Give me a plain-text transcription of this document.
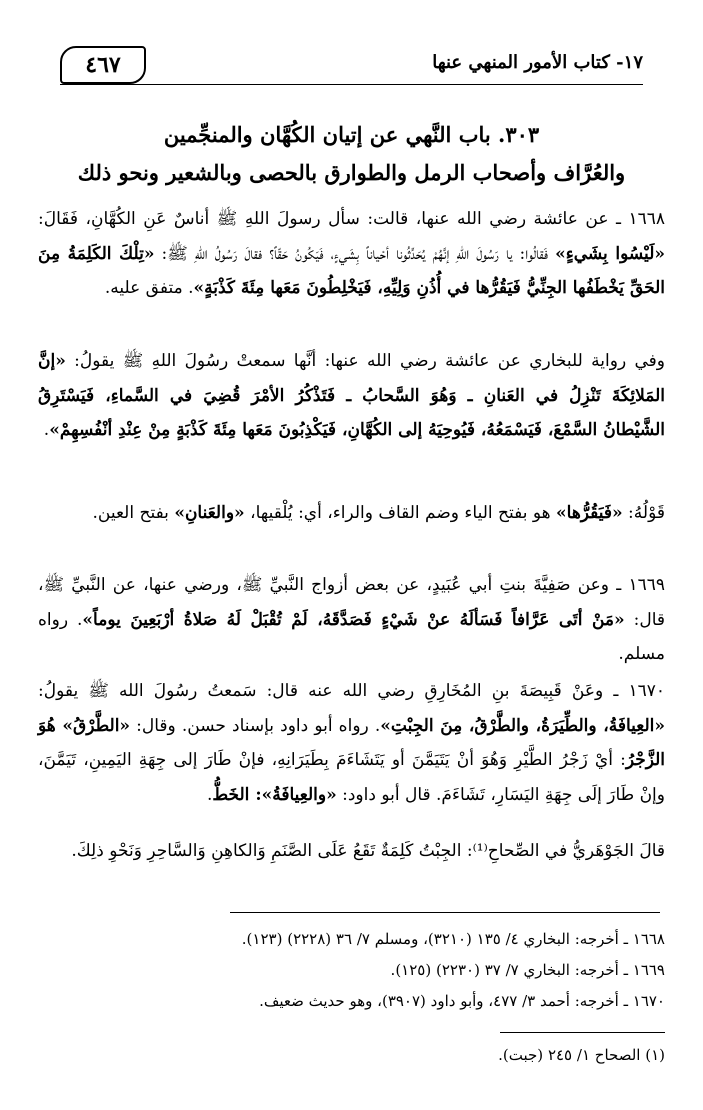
٤٦٧	١٧- كتاب الأمور المنهي عنها
٣٠٣. باب النَّهي عن إتيان الكُهَّان والمنجِّمين
والعُرَّاف وأصحاب الرمل والطوارق بالحصى وبالشعير ونحو ذلك
١٦٦٨ ـ عن عائشة رضي الله عنها، قالت: سأل رسولَ اللهِ ﷺ أناسٌ عَنِ الكُهَّانِ، فَقَالَ: «لَيْسُوا بِشَيءٍ» فَقالُوا: يا رَسُولَ اللهِ إنَّهُمْ يُحَدِّثُونا أحْياناً بِشَيءٍ، فَيَكُونُ حَقّاً؟ فقالَ رَسُولُ اللهِ ﷺ: «تِلْكَ الكَلِمَةُ مِنَ الحَقِّ يَخْطَفُها الجِنِّيُّ فَيَقُرُّها في أُذُنِ وَلِيِّهِ، فَيَخْلِطُونَ مَعَها مِئَةَ كَذْبَةٍ». متفق عليه.
وفي رواية للبخاري عن عائشة رضي الله عنها: أنَّها سمعتْ رسُولَ اللهِ ﷺ يقولُ: «إنَّ المَلائِكَةَ تَنْزِلُ في العَنانِ ـ وَهُوَ السَّحابُ ـ فَتَذْكُرُ الأمْرَ قُضِيَ في السَّماءِ، فَيَسْتَرِقُ الشَّيْطانُ السَّمْعَ، فَيَسْمَعُهُ، فَيُوحِيَهُ إلى الكُهَّانِ، فَيَكْذِبُونَ مَعَها مِئَةَ كَذْبَةٍ مِنْ عِنْدِ أنْفُسِهِمْ».
قَوْلُهُ: «فَيَقُرُّها» هو بفتح الياء وضم القاف والراء، أي: يُلْقيها، «والعَنانِ» بفتح العين.
١٦٦٩ ـ وعن صَفِيَّةَ بنتِ أبي عُبَيدٍ، عن بعض أزواج النَّبيِّ ﷺ، ورضي عنها، عن النَّبيِّ ﷺ، قال: «مَنْ أتَى عَرَّافاً فَسَألَهُ عنْ شَيْءٍ فَصَدَّقَهُ، لَمْ تُقْبَلْ لَهُ صَلاةُ أرْبَعِينَ يوماً». رواه مسلم.
١٦٧٠ ـ وعَنْ قَبِيصَةَ بنِ المُخَارِقِ رضي الله عنه قال: سَمعتُ رسُولَ الله ﷺ يقولُ: «العِيافَةُ، والطِّيَرَةُ، والطَّرْقُ، مِنَ الجِبْتِ». رواه أبو داود بإسناد حسن. وقال: «الطَّرْقُ» هُوَ الزَّجْرُ: أيْ زَجْرُ الطَّيْرِ وَهُوَ أنْ يَتَيَمَّنَ أو يَتَشَاءَمَ بِطَيَرَانِهِ، فإنْ طَارَ إلى جِهَةِ اليَمِينِ، تَيَمَّنَ، وإنْ طَارَ إلَى جِهَةِ اليَسَارِ، تَشَاءَمَ. قال أبو داود: «والعِيافَةُ»: الخَطُّ.
قالَ الجَوْهَريُّ في الصِّحاحِ⁽¹⁾: الجِبْتُ كَلِمَةٌ تَقَعُ عَلَى الصَّنَمِ وَالكاهِنِ وَالسَّاحِرِ وَنَحْوِ ذلِكَ.
١٦٦٨ ـ أخرجه: البخاري ٤/ ١٣٥ (٣٢١٠)، ومسلم ٧/ ٣٦ (٢٢٢٨) (١٢٣).
١٦٦٩ ـ أخرجه: البخاري ٧/ ٣٧ (٢٢٣٠) (١٢٥).
١٦٧٠ ـ أخرجه: أحمد ٣/ ٤٧٧، وأبو داود (٣٩٠٧)، وهو حديث ضعيف.
(١) الصحاح ١/ ٢٤٥ (جبت).
